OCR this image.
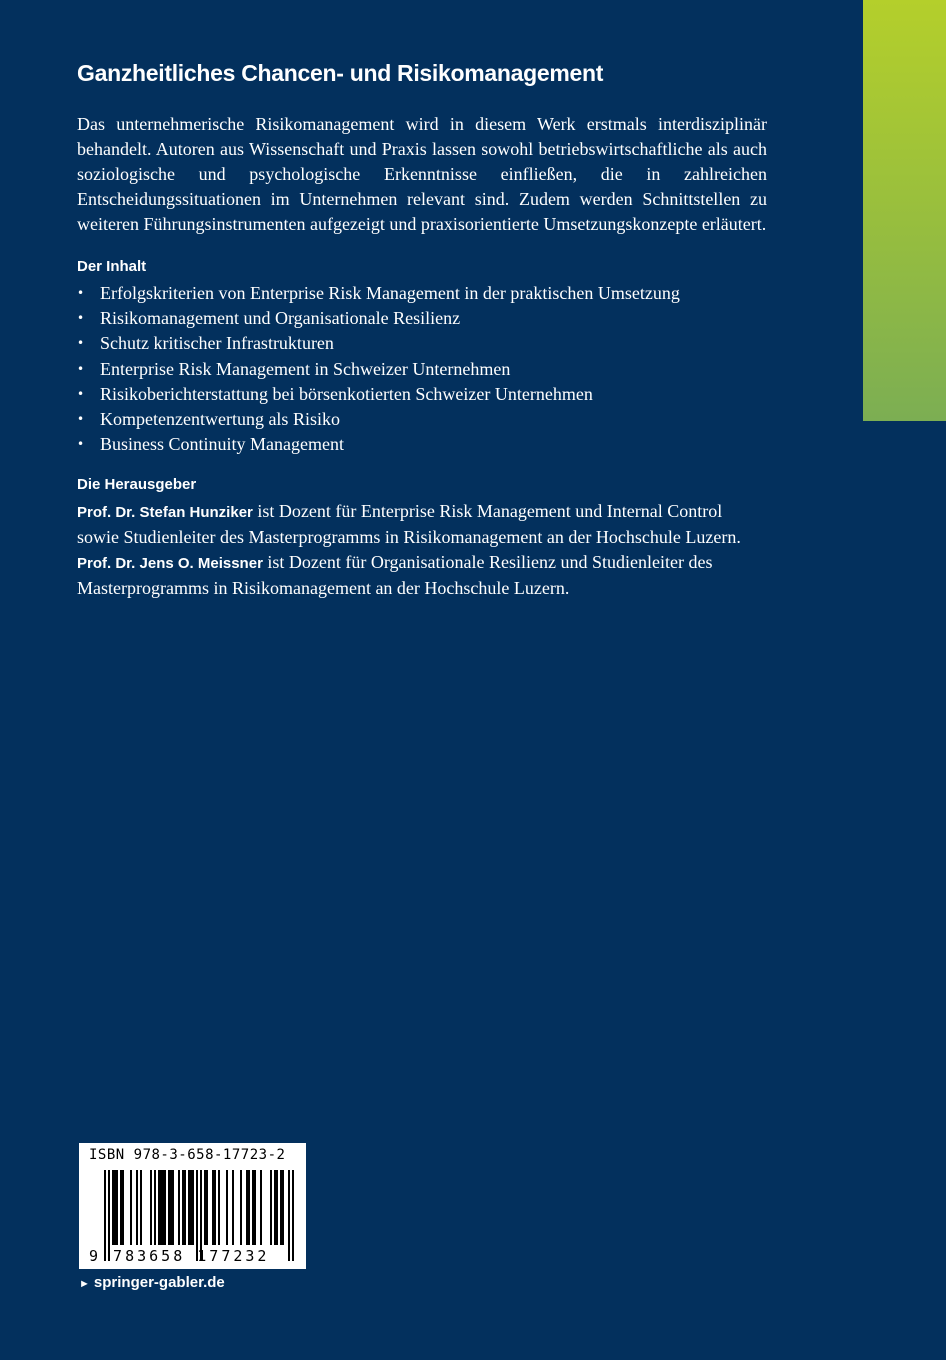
Ganzheitliches Chancen- und Risikomanagement

Das unternehmerische Risikomanagement wird in diesem Werk erstmals interdisziplinär behandelt. Autoren aus Wissenschaft und Praxis lassen sowohl betriebswirtschaftliche als auch soziologische und psychologische Erkenntnisse einfließen, die in zahlreichen Entscheidungssituationen im Unternehmen relevant sind. Zudem werden Schnittstellen zu weiteren Führungsinstrumenten aufgezeigt und praxisorientierte Umsetzungskonzepte erläutert.

Der Inhalt
• Erfolgskriterien von Enterprise Risk Management in der praktischen Umsetzung
• Risikomanagement und Organisationale Resilienz
• Schutz kritischer Infrastrukturen
• Enterprise Risk Management in Schweizer Unternehmen
• Risikoberichterstattung bei börsenkotierten Schweizer Unternehmen
• Kompetenzentwertung als Risiko
• Business Continuity Management
Die Herausgeber

Prof. Dr. Stefan Hunziker ist Dozent für Enterprise Risk Management und Internal Control sowie Studienleiter des Masterprogramms in Risikomanagement an der Hochschule Luzern.

Prof. Dr. Jens O. Meissner ist Dozent für Organisationale Resilienz und Studienleiter des Masterprogramms in Risikomanagement an der Hochschule Luzern.

ISBN 978-3-658-17723-2
9 783658 177232
► springer-gabler.de
